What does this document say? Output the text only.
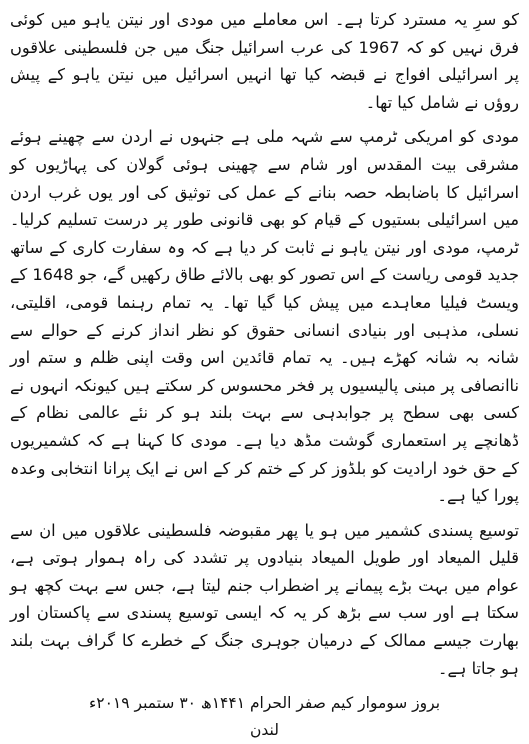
کو سرِ یہ مسترد کرتا ہے۔ اس معاملے میں مودی اور نیتن یاہو میں کوئی فرق نہیں کو کہ 1967 کی عرب اسرائیل جنگ میں جن فلسطینی علاقوں پر اسرائیلی افواج نے قبضہ کیا تھا انہیں اسرائیل میں نیتن یاہو کے پیش روؤں نے شامل کیا تھا۔

مودی کو امریکی ٹرمپ سے شہہ ملی ہے جنہوں نے اردن سے چھینے ہوئے مشرقی بیت المقدس اور شام سے چھینی ہوئی گولان کی پہاڑیوں کو اسرائیل کا باضابطہ حصہ بنانے کے عمل کی توثیق کی اور یوں غرب اردن میں اسرائیلی بستیوں کے قیام کو بھی قانونی طور پر درست تسلیم کرلیا۔ ٹرمپ، مودی اور نیتن یاہو نے ثابت کر دیا ہے کہ وہ سفارت کاری کے ساتھ جدید قومی ریاست کے اس تصور کو بھی بالائے طاق رکھیں گے، جو 1648 کے ویسٹ فیلیا معاہدے میں پیش کیا گیا تھا۔ یہ تمام رہنما قومی، اقلیتی، نسلی، مذہبی اور بنیادی انسانی حقوق کو نظر انداز کرنے کے حوالے سے شانہ بہ شانہ کھڑے ہیں۔ یہ تمام قائدین اس وقت اپنی ظلم و ستم اور ناانصافی پر مبنی پالیسیوں پر فخر محسوس کر سکتے ہیں کیونکہ انہوں نے کسی بھی سطح پر جوابدہی سے بہت بلند ہو کر نئے عالمی نظام کے ڈھانچے پر استعماری گوشت مڈھ دیا ہے۔ مودی کا کہنا ہے کہ کشمیریوں کے حق خود ارادیت کو بلڈوز کر کے ختم کر کے اس نے ایک پرانا انتخابی وعدہ پورا کیا ہے۔

توسیع پسندی کشمیر میں ہو یا پھر مقبوضہ فلسطینی علاقوں میں ان سے قلیل المیعاد اور طویل المیعاد بنیادوں پر تشدد کی راہ ہموار ہوتی ہے، عوام میں بہت بڑے پیمانے پر اضطراب جنم لیتا ہے، جس سے بہت کچھ ہو سکتا ہے اور سب سے بڑھ کر یہ کہ ایسی توسیع پسندی سے پاکستان اور بھارت جیسے ممالک کے درمیان جوہری جنگ کے خطرے کا گراف بہت بلند ہو جاتا ہے۔

بروز سوموار کیم صفر الحرام ۱۴۴۱ھ ۳۰ ستمبر ۲۰۱۹ء

لندن
